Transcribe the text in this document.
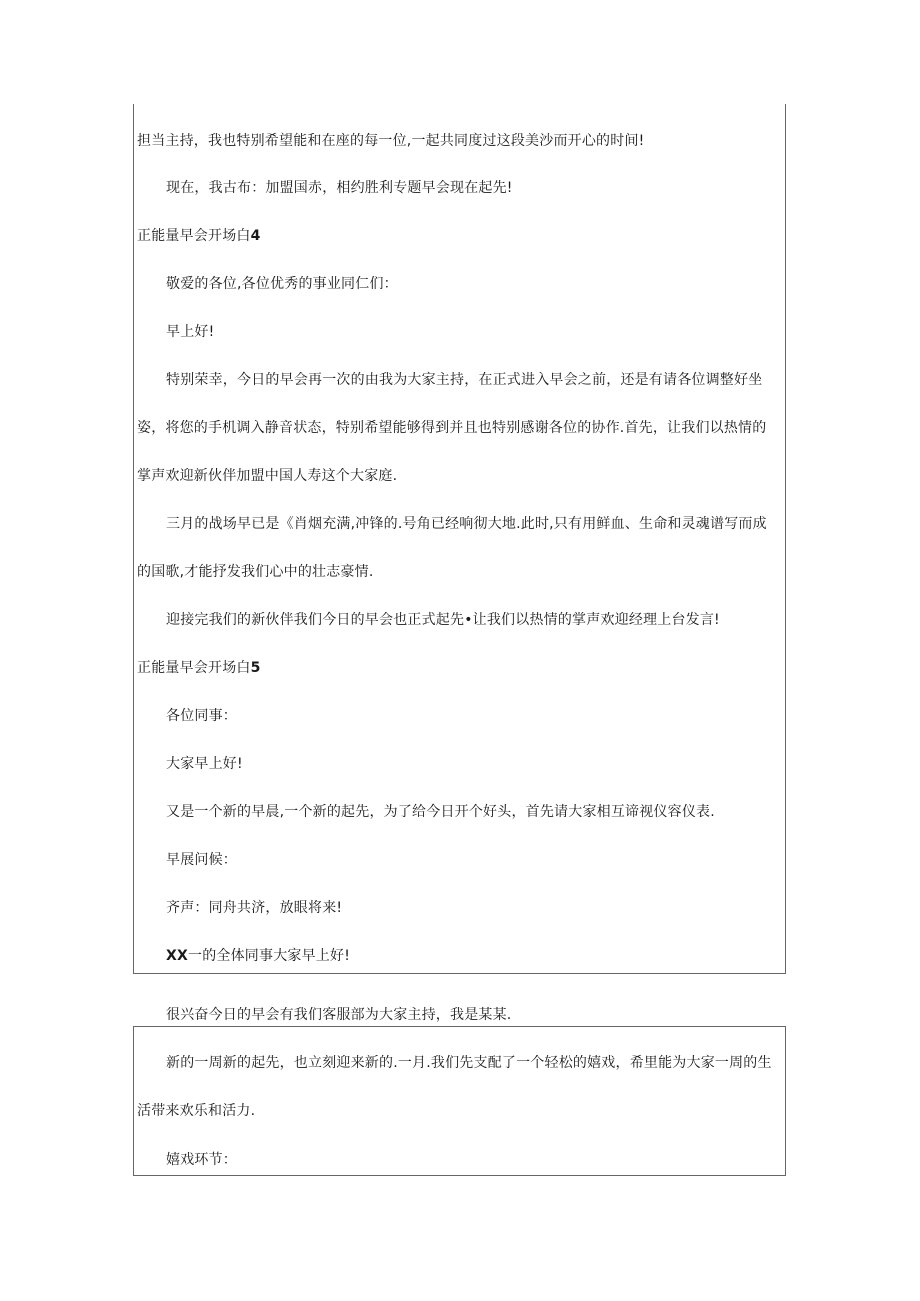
担当主持，我也特别希望能和在座的每一位,一起共同度过这段美沙而开心的时间!
现在，我古布：加盟国赤，相约胜利专题早会现在起先!
正能量早会开场白4
敬爱的各位,各位优秀的事业同仁们：
早上好!
特别荣幸，今日的早会再一次的由我为大家主持，在正式进入早会之前，还是有请各位调整好坐
姿，将您的手机调入静音状态，特别希望能够得到并且也特别感谢各位的协作.首先，让我们以热情的
掌声欢迎新伙伴加盟中国人寿这个大家庭.
三月的战场早已是《肖烟充满,冲锋的.号角已经响彻大地.此时,只有用鲜血、生命和灵魂谱写而成
的国歌,才能抒发我们心中的壮志豪情.
迎接完我们的新伙伴我们今日的早会也正式起先•让我们以热情的掌声欢迎经理上台发言!
正能量早会开场白5
各位同事：
大家早上好!
又是一个新的早晨,一个新的起先，为了给今日开个好头，首先请大家相互谛视仪容仪表.
早展问候：
齐声：同舟共济，放眼将来!
XX一的全体同事大家早上好!
很兴奋今日的早会有我们客服部为大家主持，我是某某.
新的一周新的起先，也立刻迎来新的.一月.我们先支配了一个轻松的嬉戏，希里能为大家一周的生
活带来欢乐和活力.
嬉戏环节：
